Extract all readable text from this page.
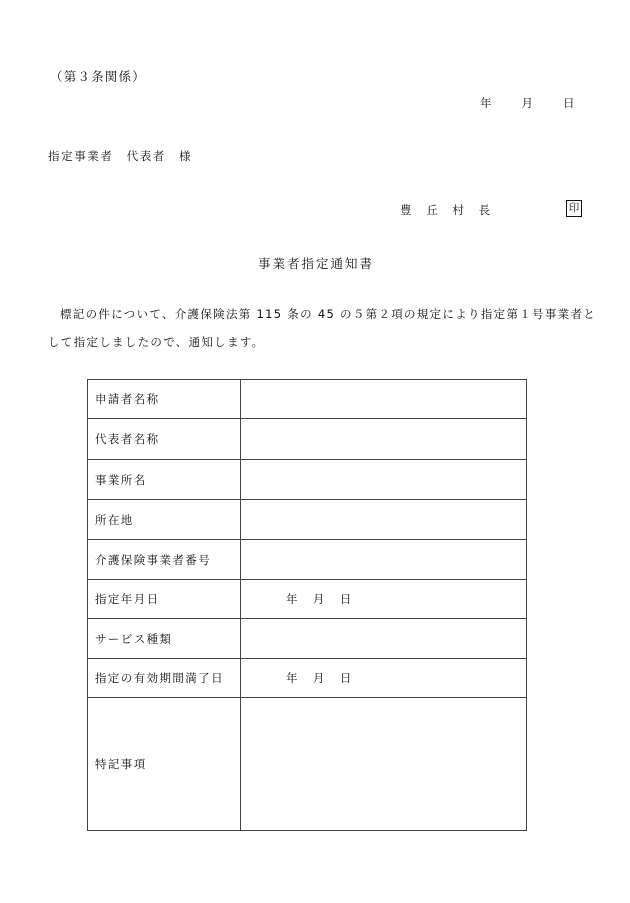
（第３条関係）
年	月	日
指定事業者　代表者　様
豊　丘　村　長	印
事業者指定通知書
標記の件について、介護保険法第 115 条の 45 の５第２項の規定により指定第１号事業者と
して指定しましたので、通知します。
申請者名称	
代表者名称	
事業所名	
所在地	
介護保険事業者番号	
指定年月日	年 月 日
サービス種類	
指定の有効期間満了日	年 月 日
特記事項	
